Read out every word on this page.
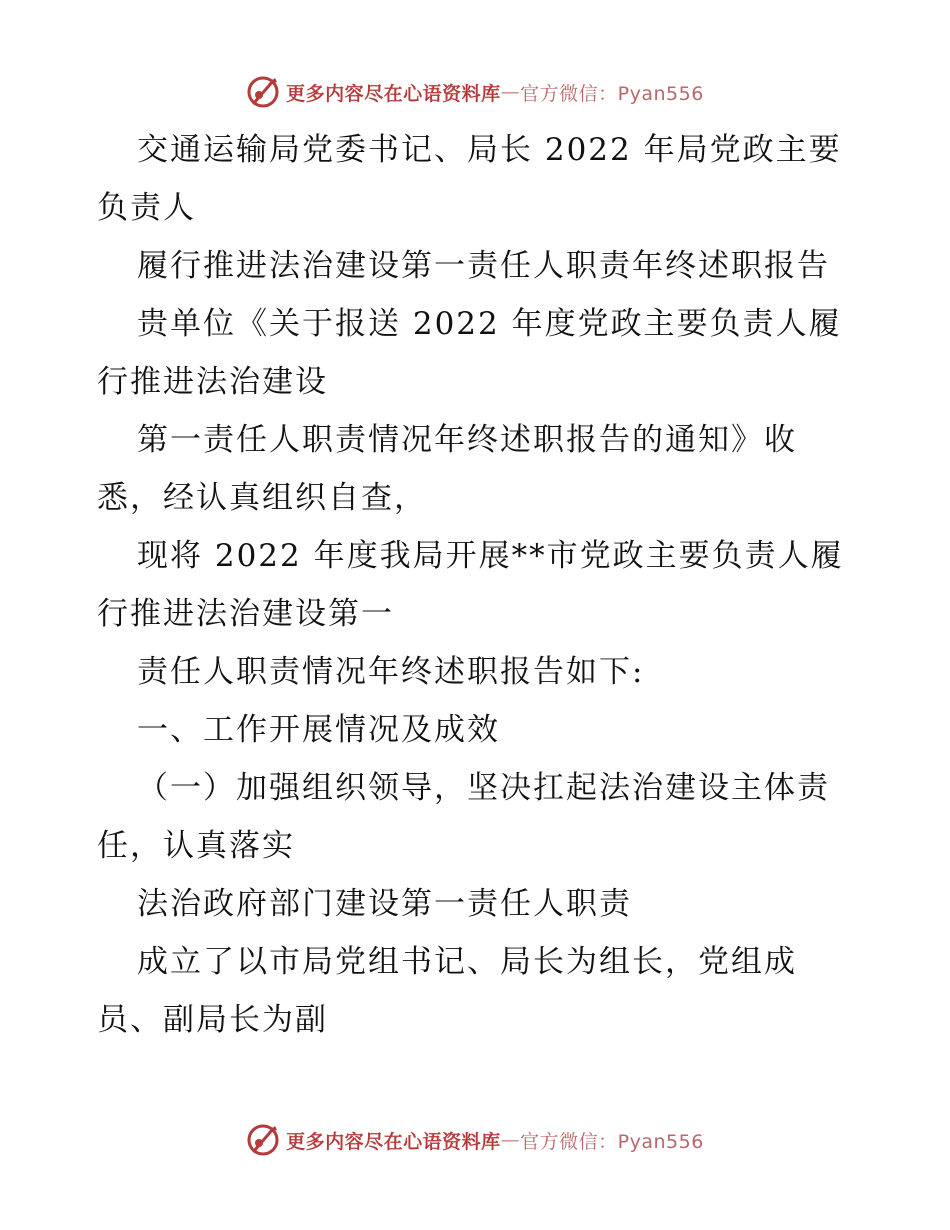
更多内容尽在心语资料库 — 官方微信：Pyan556

交通运输局党委书记、局长 2022 年局党政主要

负责人

履行推进法治建设第一责任人职责年终述职报告

贵单位《关于报送 2022 年度党政主要负责人履

行推进法治建设

第一责任人职责情况年终述职报告的通知》收

悉，经认真组织自查，

现将 2022 年度我局开展**市党政主要负责人履

行推进法治建设第一

责任人职责情况年终述职报告如下:

一、工作开展情况及成效

（一）加强组织领导，坚决扛起法治建设主体责

任，认真落实

法治政府部门建设第一责任人职责

成立了以市局党组书记、局长为组长，党组成

员、副局长为副

更多内容尽在心语资料库 — 官方微信：Pyan556
